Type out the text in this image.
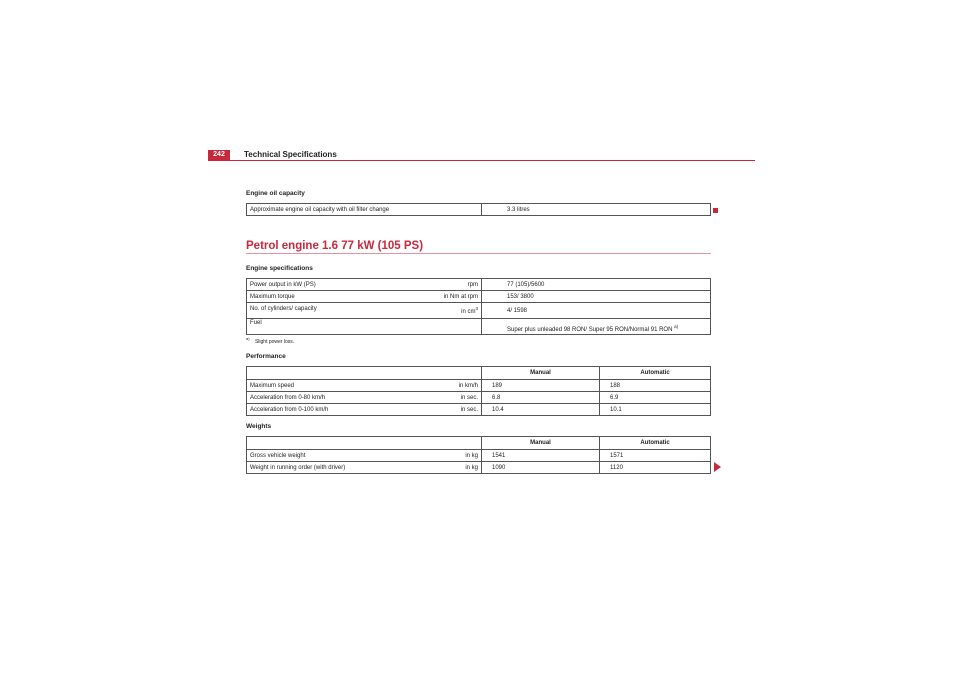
242	Technical Specifications
Engine oil capacity
Approximate engine oil capacity with oil filter change	3.3 litres
Petrol engine 1.6 77 kW (105 PS)
Engine specifications
Power output in kW (PS) rpm	77 (105)/5600
Maximum torque in Nm at rpm	153/ 3800
No. of cylinders/ capacity in $cm^3$	4/ 1598
Fuel	Super plus unleaded 98 RON/ Super 95 RON/Normal 91 RON $^{a)}$
$^{a)}$ Slight power loss.
Performance
	Manual	Automatic
Maximum speed in km/h	189	188
Acceleration from 0-80 km/h in sec.	6.8	6.9
Acceleration from 0-100 km/h in sec.	10.4	10.1
Weights
	Manual	Automatic
Gross vehicle weight in kg	1541	1571
Weight in running order (with driver) in kg	1090	1120
